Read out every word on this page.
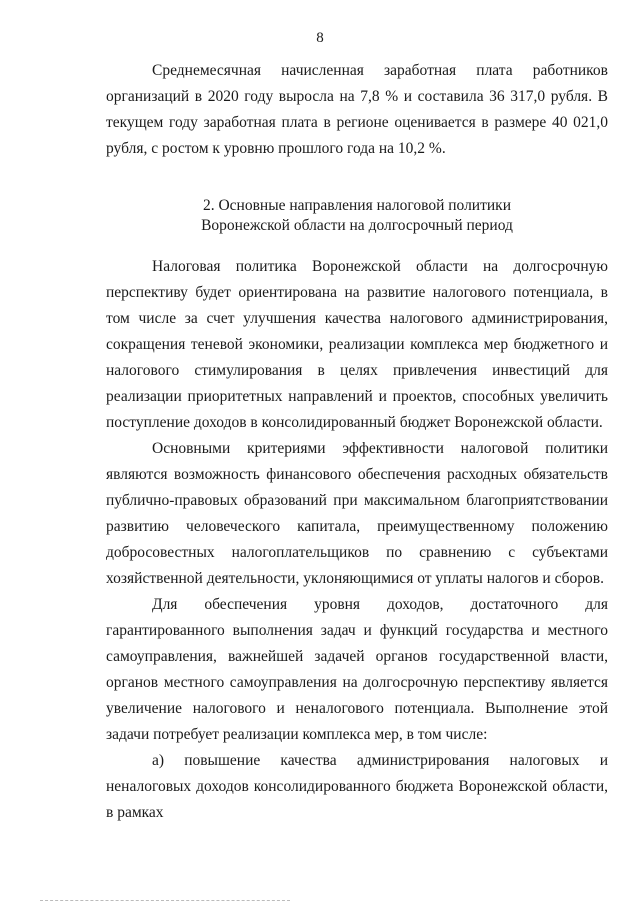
8

Среднемесячная начисленная заработная плата работников организаций в 2020 году выросла на 7,8 % и составила 36 317,0 рубля. В текущем году заработная плата в регионе оценивается в размере 40 021,0 рубля, с ростом к уровню прошлого года на 10,2 %.

2. Основные направления налоговой политики
Воронежской области на долгосрочный период

Налоговая политика Воронежской области на долгосрочную перспективу будет ориентирована на развитие налогового потенциала, в том числе за счет улучшения качества налогового администрирования, сокращения теневой экономики, реализации комплекса мер бюджетного и налогового стимулирования в целях привлечения инвестиций для реализации приоритетных направлений и проектов, способных увеличить поступление доходов в консолидированный бюджет Воронежской области.

Основными критериями эффективности налоговой политики являются возможность финансового обеспечения расходных обязательств публично-правовых образований при максимальном благоприятствовании развитию человеческого капитала, преимущественному положению добросовестных налогоплательщиков по сравнению с субъектами хозяйственной деятельности, уклоняющимися от уплаты налогов и сборов.

Для обеспечения уровня доходов, достаточного для гарантированного выполнения задач и функций государства и местного самоуправления, важнейшей задачей органов государственной власти, органов местного самоуправления на долгосрочную перспективу является увеличение налогового и неналогового потенциала. Выполнение этой задачи потребует реализации комплекса мер, в том числе:

а) повышение качества администрирования налоговых и неналоговых доходов консолидированного бюджета Воронежской области, в рамках
